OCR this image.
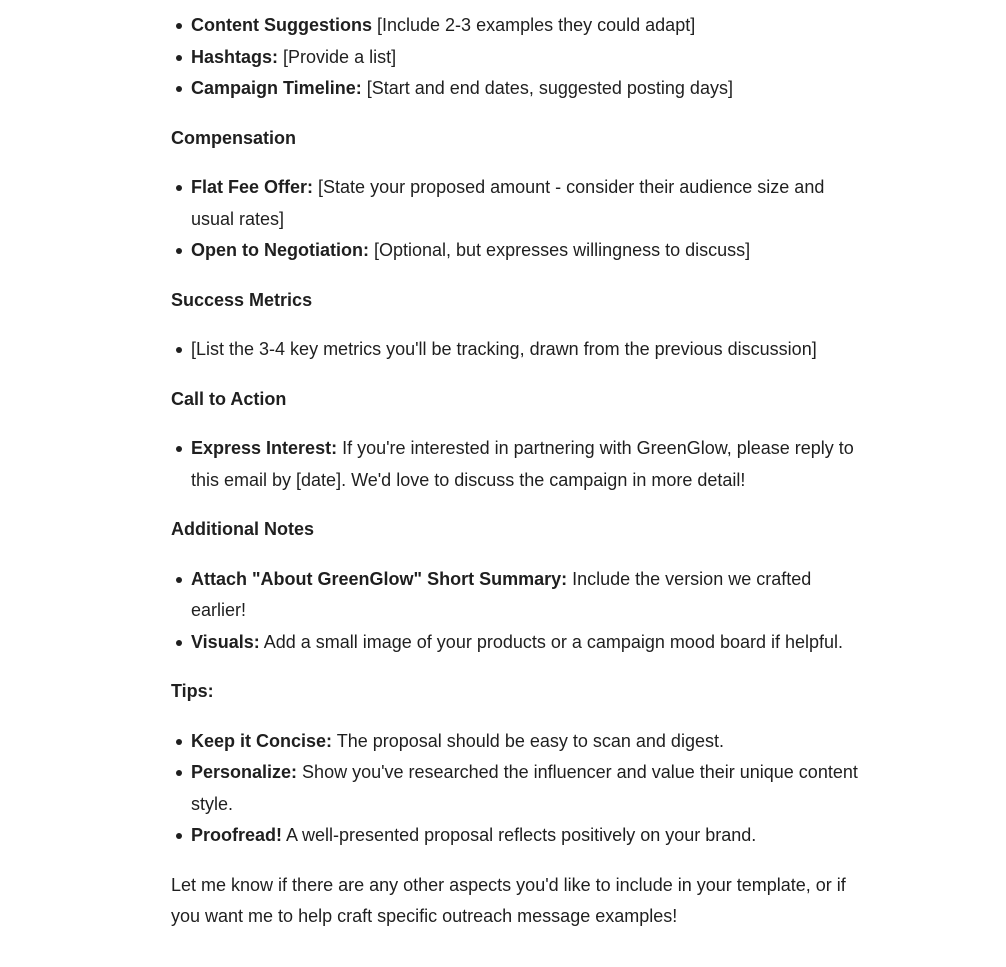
Content Suggestions [Include 2-3 examples they could adapt]
Hashtags: [Provide a list]
Campaign Timeline: [Start and end dates, suggested posting days]

Compensation

Flat Fee Offer: [State your proposed amount - consider their audience size and usual rates]
Open to Negotiation: [Optional, but expresses willingness to discuss]

Success Metrics

[List the 3-4 key metrics you'll be tracking, drawn from the previous discussion]

Call to Action

Express Interest: If you're interested in partnering with GreenGlow, please reply to this email by [date]. We'd love to discuss the campaign in more detail!

Additional Notes

Attach "About GreenGlow" Short Summary: Include the version we crafted earlier!
Visuals: Add a small image of your products or a campaign mood board if helpful.

Tips:

Keep it Concise: The proposal should be easy to scan and digest.
Personalize: Show you've researched the influencer and value their unique content style.
Proofread! A well-presented proposal reflects positively on your brand.

Let me know if there are any other aspects you'd like to include in your template, or if you want me to help craft specific outreach message examples!
